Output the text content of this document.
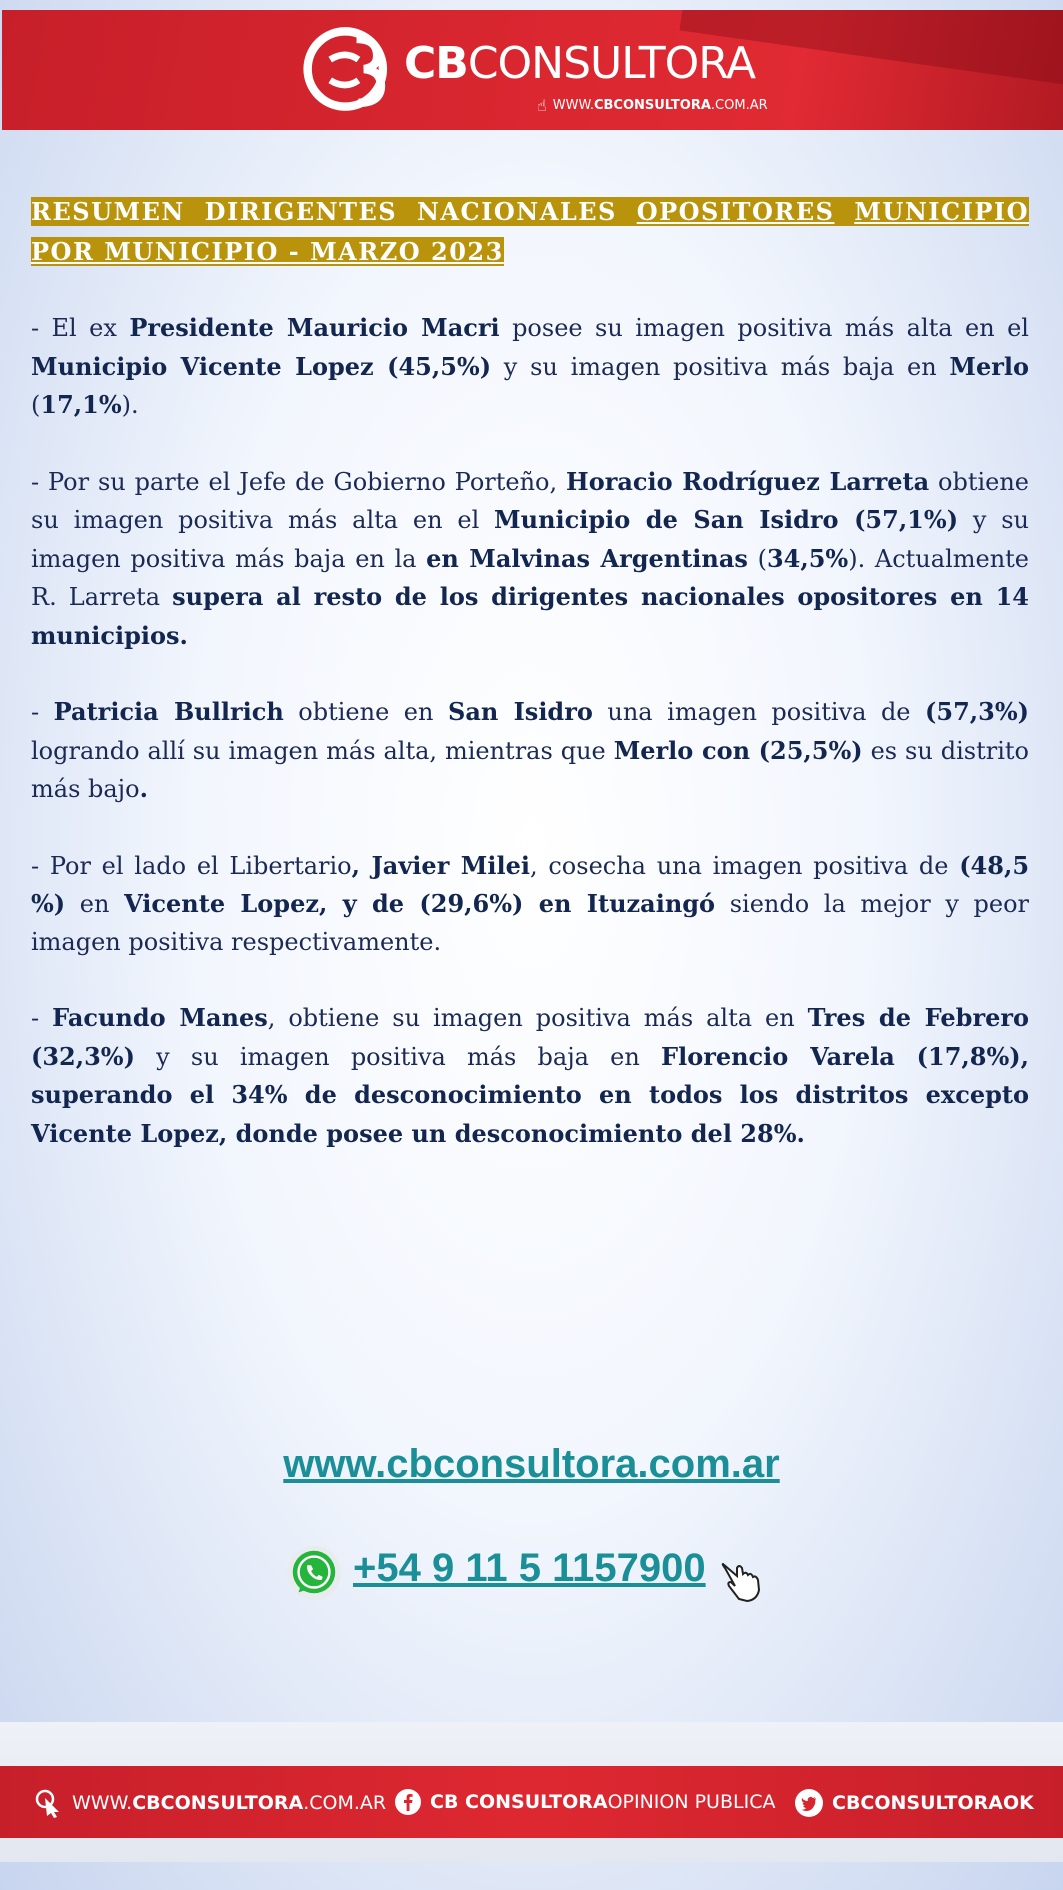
CBCONSULTORA
☝ WWW.CBCONSULTORA.COM.AR
RESUMEN DIRIGENTES NACIONALES OPOSITORES MUNICIPIO POR MUNICIPIO - MARZO 2023

- El ex Presidente Mauricio Macri posee su imagen positiva más alta en el Municipio Vicente Lopez (45,5%) y su imagen positiva más baja en Merlo (17,1%).

- Por su parte el Jefe de Gobierno Porteño, Horacio Rodríguez Larreta obtiene su imagen positiva más alta en el Municipio de San Isidro (57,1%) y su imagen positiva más baja en la en Malvinas Argentinas (34,5%). Actualmente R. Larreta supera al resto de los dirigentes nacionales opositores en 14 municipios.

- Patricia Bullrich obtiene en San Isidro una imagen positiva de (57,3%) logrando allí su imagen más alta, mientras que Merlo con (25,5%) es su distrito más bajo.

- Por el lado el Libertario, Javier Milei, cosecha una imagen positiva de (48,5 %) en Vicente Lopez, y de (29,6%) en Ituzaingó siendo la mejor y peor imagen positiva respectivamente.

- Facundo Manes, obtiene su imagen positiva más alta en Tres de Febrero (32,3%) y su imagen positiva más baja en Florencio Varela (17,8%), superando el 34% de desconocimiento en todos los distritos excepto Vicente Lopez, donde posee un desconocimiento del 28%.

www.cbconsultora.com.ar
+54 9 11 5 1157900
WWW. CBCONSULTORA .COM.AR CB CONSULTORA OPINION PUBLICA	CBCONSULTORAOK
